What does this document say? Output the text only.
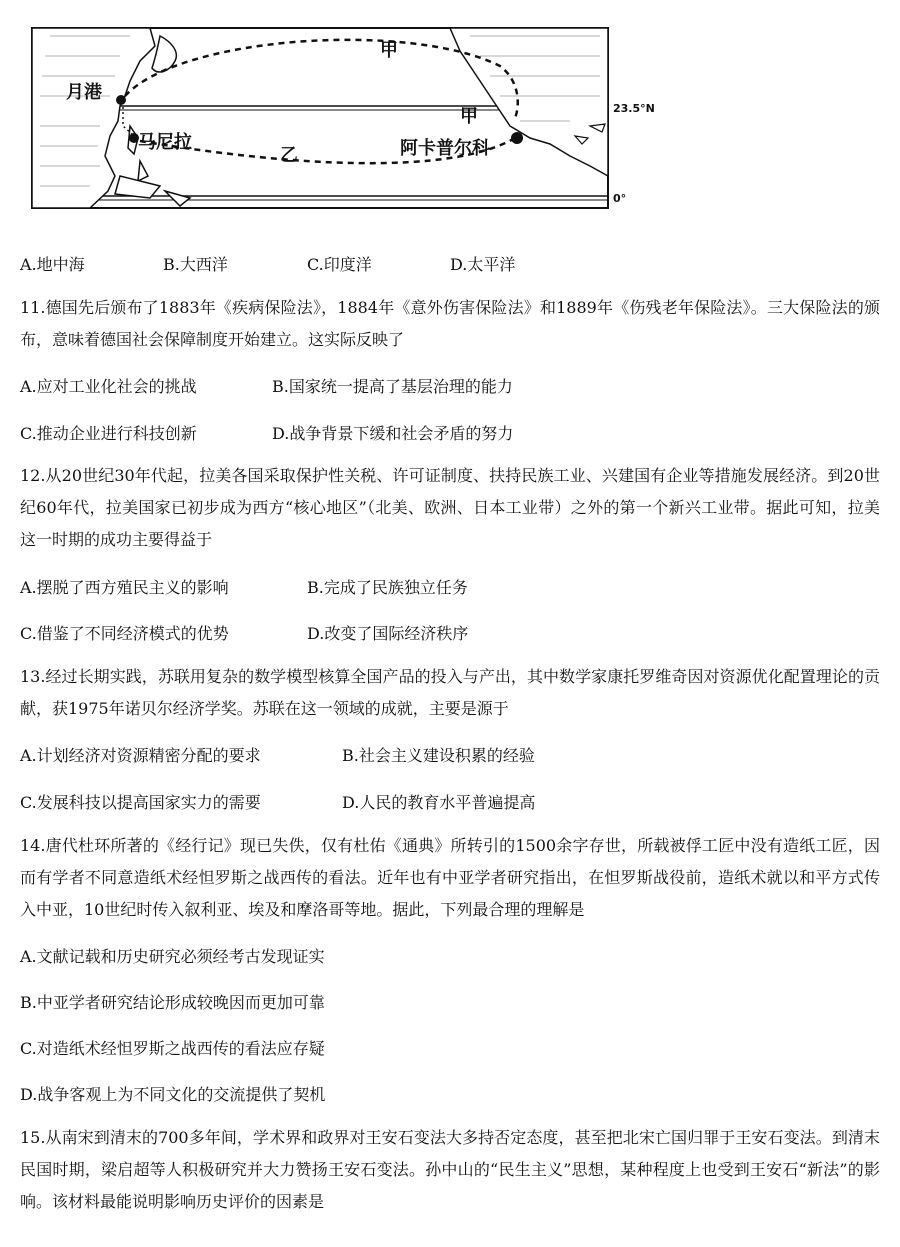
甲
甲
乙
月港
马尼拉	阿卡普尔科
23.5°N
0°
A.地中海	B.大西洋	C.印度洋	D.太平洋
11.德国先后颁布了1883年《疾病保险法》，1884年《意外伤害保险法》和1889年《伤残老年保险法》。三大保险法的颁布，意味着德国社会保障制度开始建立。这实际反映了
A.应对工业化社会的挑战	B.国家统一提高了基层治理的能力
C.推动企业进行科技创新	D.战争背景下缓和社会矛盾的努力
12.从20世纪30年代起，拉美各国采取保护性关税、许可证制度、扶持民族工业、兴建国有企业等措施发展经济。到20世纪60年代，拉美国家已初步成为西方“核心地区”（北美、欧洲、日本工业带）之外的第一个新兴工业带。据此可知，拉美这一时期的成功主要得益于
A.摆脱了西方殖民主义的影响	B.完成了民族独立任务
C.借鉴了不同经济模式的优势	D.改变了国际经济秩序
13.经过长期实践，苏联用复杂的数学模型核算全国产品的投入与产出，其中数学家康托罗维奇因对资源优化配置理论的贡献，获1975年诺贝尔经济学奖。苏联在这一领域的成就，主要是源于
A.计划经济对资源精密分配的要求	B.社会主义建设积累的经验
C.发展科技以提高国家实力的需要	D.人民的教育水平普遍提高
14.唐代杜环所著的《经行记》现已失佚，仅有杜佑《通典》所转引的1500余字存世，所载被俘工匠中没有造纸工匠，因而有学者不同意造纸术经怛罗斯之战西传的看法。近年也有中亚学者研究指出，在怛罗斯战役前，造纸术就以和平方式传入中亚，10世纪时传入叙利亚、埃及和摩洛哥等地。据此，下列最合理的理解是
A.文献记载和历史研究必须经考古发现证实
B.中亚学者研究结论形成较晚因而更加可靠
C.对造纸术经怛罗斯之战西传的看法应存疑
D.战争客观上为不同文化的交流提供了契机
15.从南宋到清末的700多年间，学术界和政界对王安石变法大多持否定态度，甚至把北宋亡国归罪于王安石变法。到清末民国时期，梁启超等人积极研究并大力赞扬王安石变法。孙中山的“民生主义”思想，某种程度上也受到王安石“新法”的影响。该材料最能说明影响历史评价的因素是
